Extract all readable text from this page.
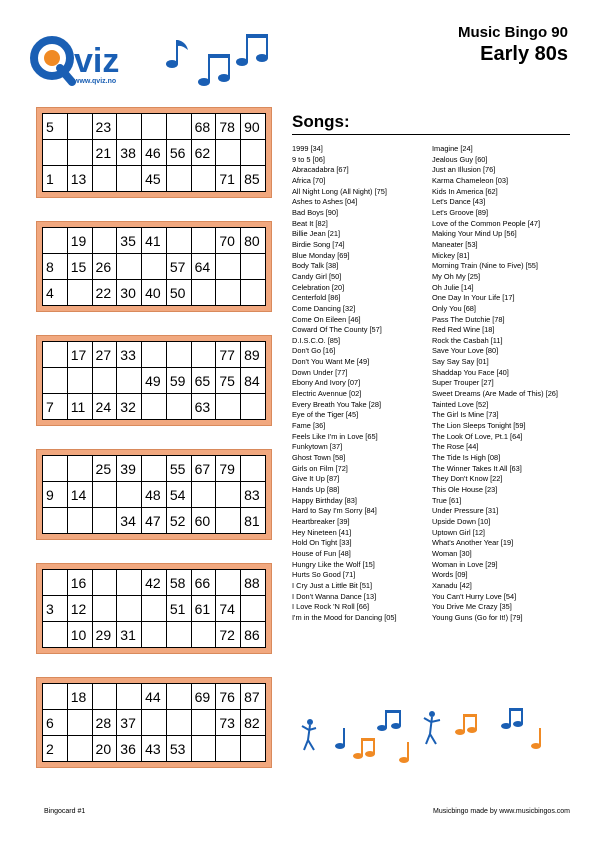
viz
www.qviz.no
Music Bingo 90
Early 80s
5		23				68	78	90
		21	38	46	56	62		
1	13			45			71	85
	19		35	41			70	80
8	15	26			57	64		
4		22	30	40	50			
	17	27	33				77	89
				49	59	65	75	84
7	11	24	32			63		
		25	39		55	67	79	
9	14			48	54			83
			34	47	52	60		81
	16			42	58	66		88
3	12				51	61	74	
	10	29	31				72	86
	18			44		69	76	87
6		28	37				73	82
2		20	36	43	53			
Songs:
1999 [34]
9 to 5 [06]
Abracadabra [67]
Africa [70]
All Night Long (All Night) [75]
Ashes to Ashes [04]
Bad Boys [90]
Beat It [82]
Billie Jean [21]
Birdie Song [74]
Blue Monday [69]
Body Talk [38]
Candy Girl [50]
Celebration [20]
Centerfold [86]
Come Dancing [32]
Come On Eileen [46]
Coward Of The County [57]
D.I.S.C.O. [85]
Don't Go [16]
Don't You Want Me [49]
Down Under [77]
Ebony And Ivory [07]
Electric Avennue [02]
Every Breath You Take [28]
Eye of the Tiger [45]
Fame [36]
Feels Like I'm in Love [65]
Funkytown [37]
Ghost Town [58]
Girls on Film [72]
Give It Up [87]
Hands Up [88]
Happy Birthday [83]
Hard to Say I'm Sorry [84]
Heartbreaker [39]
Hey Nineteen [41]
Hold On Tight [33]
House of Fun [48]
Hungry Like the Wolf [15]
Hurts So Good [71]
I Cry Just a Little Bit [51]
I Don't Wanna Dance [13]
I Love Rock 'N Roll [66]
I'm in the Mood for Dancing [05]
Imagine [24]
Jealous Guy [60]
Just an Illusion [76]
Karma Chameleon [03]
Kids In America [62]
Let's Dance [43]
Let's Groove [89]
Love of the Common People [47]
Making Your Mind Up [56]
Maneater [53]
Mickey [81]
Morning Train (Nine to Five) [55]
My Oh My [25]
Oh Julie [14]
One Day In Your Life [17]
Only You [68]
Pass The Dutchie [78]
Red Red Wine [18]
Rock the Casbah [11]
Save Your Love [80]
Say Say Say [01]
Shaddap You Face [40]
Super Trouper [27]
Sweet Dreams (Are Made of This) [26]
Tainted Love [52]
The Girl Is Mine [73]
The Lion Sleeps Tonight [59]
The Look Of Love, Pt.1 [64]
The Rose [44]
The Tide Is High [08]
The Winner Takes It All [63]
They Don't Know [22]
This Ole House [23]
True [61]
Under Pressure [31]
Upside Down [10]
Uptown Girl [12]
What's Another Year [19]
Woman [30]
Woman in Love [29]
Words [09]
Xanadu [42]
You Can't Hurry Love [54]
You Drive Me Crazy [35]
Young Guns (Go for It!) [79]
Bingocard #1	Musicbingo made by www.musicbingos.com
